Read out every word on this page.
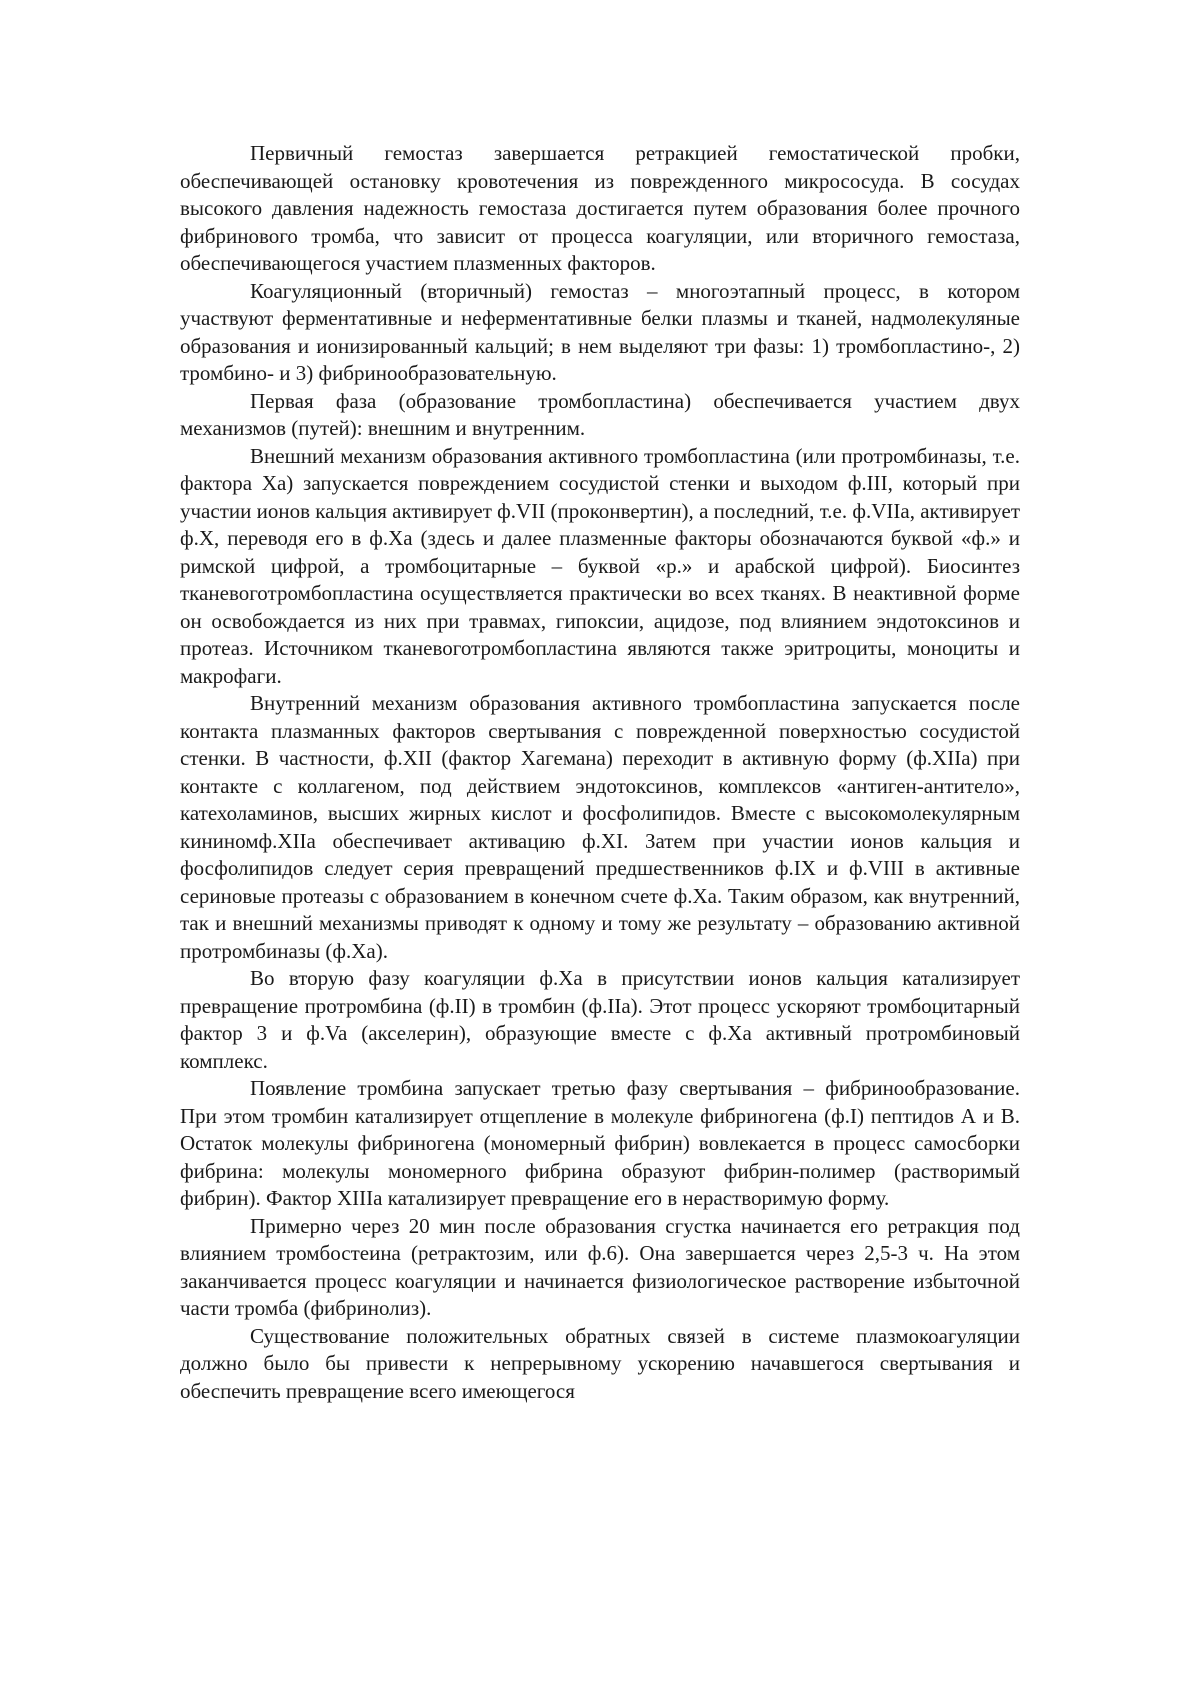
Первичный гемостаз завершается ретракцией гемостатической пробки, обеспечивающей остановку кровотечения из поврежденного микрососуда. В сосудах высокого давления надежность гемостаза достигается путем образования более прочного фибринового тромба, что зависит от процесса коагуляции, или вторичного гемостаза, обеспечивающегося участием плазменных факторов.

Коагуляционный (вторичный) гемостаз – многоэтапный процесс, в котором участвуют ферментативные и неферментативные белки плазмы и тканей, надмолекуляные образования и ионизированный кальций; в нем выделяют три фазы: 1) тромбопластино-, 2) тромбино- и 3) фибринообразовательную.

Первая фаза (образование тромбопластина) обеспечивается участием двух механизмов (путей): внешним и внутренним.

Внешний механизм образования активного тромбопластина (или протромбиназы, т.е. фактора Xa) запускается повреждением сосудистой стенки и выходом ф.III, который при участии ионов кальция активирует ф.VII (проконвертин), а последний, т.е. ф.VIIa, активирует ф.X, переводя его в ф.Xa (здесь и далее плазменные факторы обозначаются буквой «ф.» и римской цифрой, а тромбоцитарные – буквой «р.» и арабской цифрой). Биосинтез тканевоготромбопластина осуществляется практически во всех тканях. В неактивной форме он освобождается из них при травмах, гипоксии, ацидозе, под влиянием эндотоксинов и протеаз. Источником тканевоготромбопластина являются также эритроциты, моноциты и макрофаги.

Внутренний механизм образования активного тромбопластина запускается после контакта плазманных факторов свертывания с поврежденной поверхностью сосудистой стенки. В частности, ф.XII (фактор Хагемана) переходит в активную форму (ф.XIIa) при контакте с коллагеном, под действием эндотоксинов, комплексов «антиген-антитело», катехоламинов, высших жирных кислот и фосфолипидов. Вместе с высокомолекулярным кининомф.XIIa обеспечивает активацию ф.XI. Затем при участии ионов кальция и фосфолипидов следует серия превращений предшественников ф.IX и ф.VIII в активные сериновые протеазы с образованием в конечном счете ф.Xa. Таким образом, как внутренний, так и внешний механизмы приводят к одному и тому же результату – образованию активной протромбиназы (ф.Xa).

Во вторую фазу коагуляции ф.Xa в присутствии ионов кальция катализирует превращение протромбина (ф.II) в тромбин (ф.IIa). Этот процесс ускоряют тромбоцитарный фактор 3 и ф.Va (акселерин), образующие вместе с ф.Xa активный протромбиновый комплекс.

Появление тромбина запускает третью фазу свертывания – фибринообразование. При этом тромбин катализирует отщепление в молекуле фибриногена (ф.I) пептидов А и В. Остаток молекулы фибриногена (мономерный фибрин) вовлекается в процесс самосборки фибрина: молекулы мономерного фибрина образуют фибрин-полимер (растворимый фибрин). Фактор XIIIa катализирует превращение его в нерастворимую форму.

Примерно через 20 мин после образования сгустка начинается его ретракция под влиянием тромбостеина (ретрактозим, или ф.6). Она завершается через 2,5-3 ч. На этом заканчивается процесс коагуляции и начинается физиологическое растворение избыточной части тромба (фибринолиз).

Существование положительных обратных связей в системе плазмокоагуляции должно было бы привести к непрерывному ускорению начавшегося свертывания и обеспечить превращение всего имеющегося
